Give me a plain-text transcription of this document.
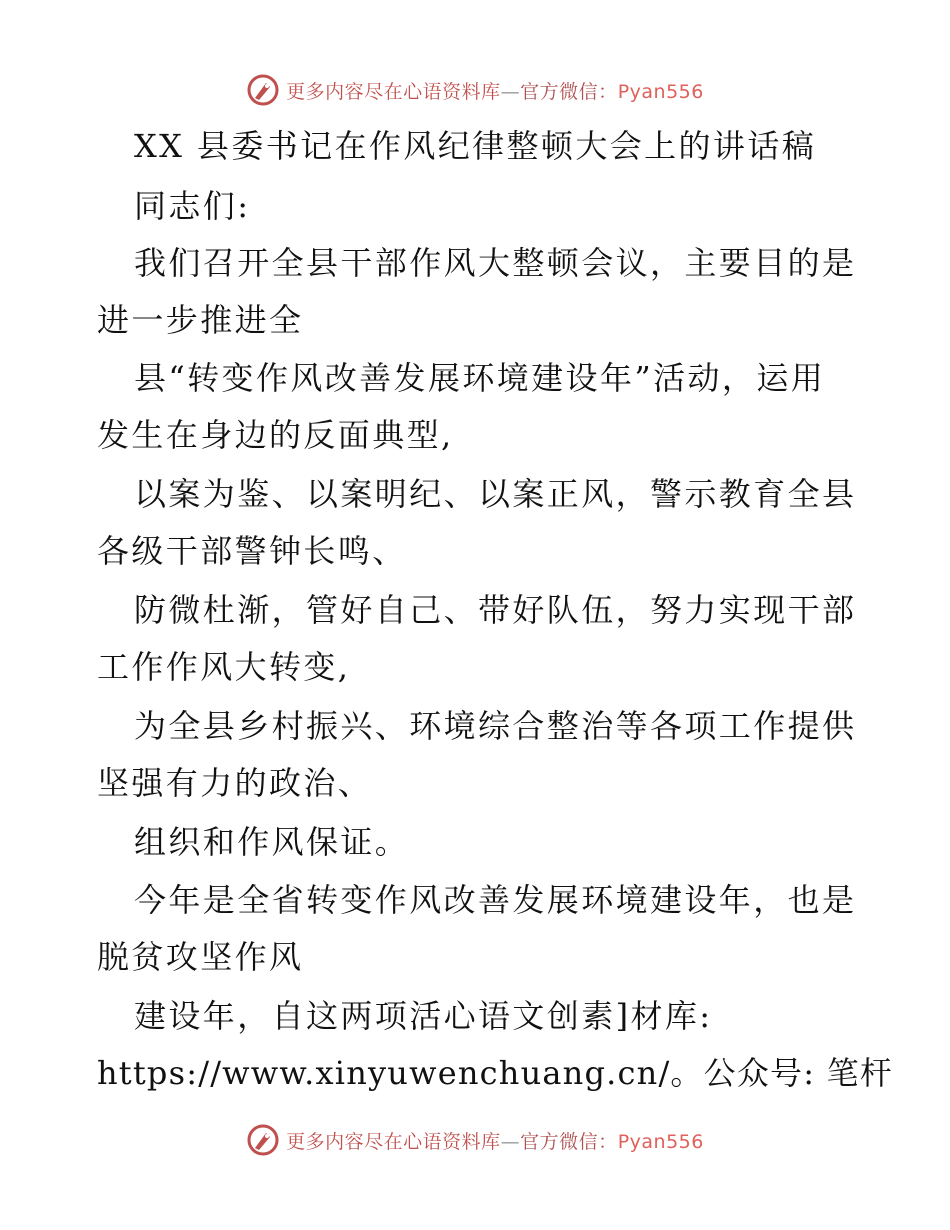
更多内容尽在心语资料库—官方微信：Pyan556
XX 县委书记在作风纪律整顿大会上的讲话稿
同志们:
我们召开全县干部作风大整顿会议，主要目的是
进一步推进全
县“转变作风改善发展环境建设年”活动，运用
发生在身边的反面典型,
以案为鉴、以案明纪、以案正风，警示教育全县
各级干部警钟长鸣、
防微杜渐，管好自己、带好队伍，努力实现干部
工作作风大转变,
为全县乡村振兴、环境综合整治等各项工作提供
坚强有力的政治、
组织和作风保证。
今年是全省转变作风改善发展环境建设年，也是
脱贫攻坚作风
建设年，自这两项活心语文创素]材库:
https://www.xinyuwenchuang.cn/。公众号: 笔杆
更多内容尽在心语资料库—官方微信：Pyan556
